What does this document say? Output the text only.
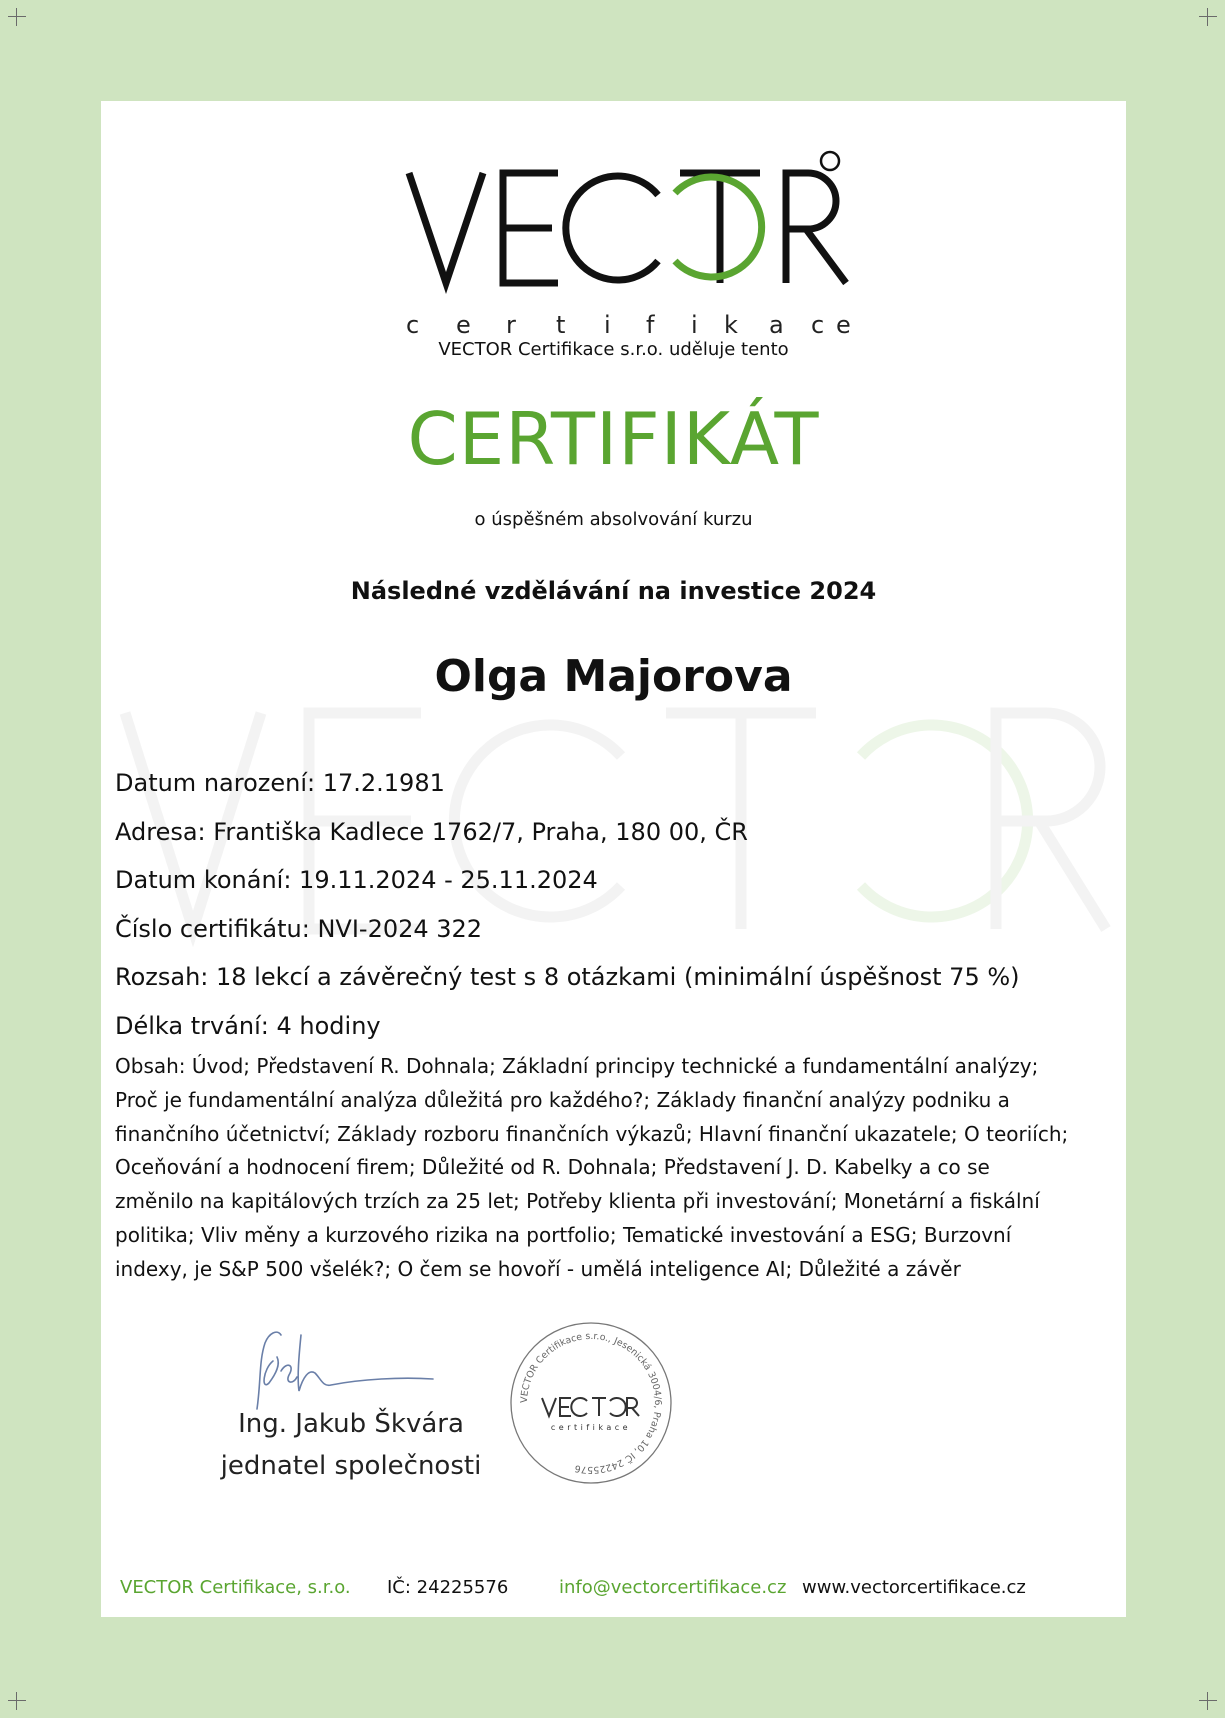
c e r t i f i k a c e
VECTOR Certifikace s.r.o. uděluje tento
CERTIFIKÁT
o úspěšném absolvování kurzu
Následné vzdělávání na investice 2024
Olga Majorova
Datum narození: 17.2.1981
Adresa: Františka Kadlece 1762/7, Praha, 180 00, ČR
Datum konání: 19.11.2024 - 25.11.2024
Číslo certifikátu: NVI-2024 322
Rozsah: 18 lekcí a závěrečný test s 8 otázkami (minimální úspěšnost 75 %)
Délka trvání: 4 hodiny
Obsah: Úvod; Představení R. Dohnala; Základní principy technické a fundamentální analýzy;
Proč je fundamentální analýza důležitá pro každého?; Základy finanční analýzy podniku a
finančního účetnictví; Základy rozboru finančních výkazů; Hlavní finanční ukazatele; O teoriích;
Oceňování a hodnocení firem; Důležité od R. Dohnala; Představení J. D. Kabelky a co se
změnilo na kapitálových trzích za 25 let; Potřeby klienta při investování; Monetární a fiskální
politika; Vliv měny a kurzového rizika na portfolio; Tematické investování a ESG; Burzovní
indexy, je S&P 500 všelék?; O čem se hovoří - umělá inteligence AI; Důležité a závěr
Ing. Jakub Škvára
jednatel společnosti
VECTOR Certifikace s.r.o., Jesenická 3004/6, Praha 10, IČ 24225576
certifikace
VECTOR Certifikace, s.r.o. IČ: 24225576	info@vectorcertifikace.cz www.vectorcertifikace.cz
